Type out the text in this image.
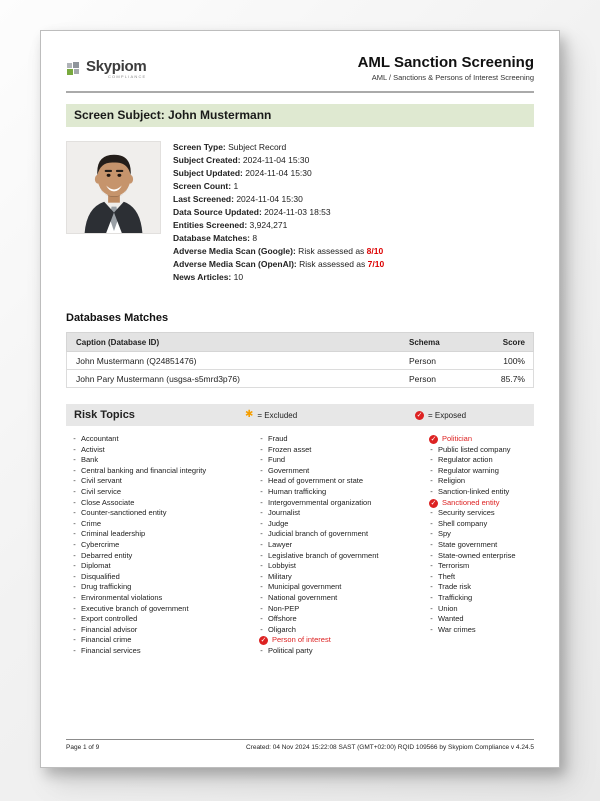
Skypiom
COMPLIANCE
AML Sanction Screening
AML / Sanctions & Persons of Interest Screening
Screen Subject: John Mustermann
Screen Type: Subject Record
Subject Created: 2024-11-04 15:30
Subject Updated: 2024-11-04 15:30
Screen Count: 1
Last Screened: 2024-11-04 15:30
Data Source Updated: 2024-11-03 18:53
Entities Screened: 3,924,271
Database Matches: 8
Adverse Media Scan (Google): Risk assessed as 8/10
Adverse Media Scan (OpenAI): Risk assessed as 7/10
News Articles: 10
Databases Matches
Caption (Database ID)	Schema	Score
John Mustermann (Q24851476)	Person	100%
John Pary Mustermann (usgsa-s5mrd3p76)	Person	85.7%
Risk Topics	✱ = Excluded	✓ = Exposed
- Accountant
- Activist
- Bank
- Central banking and financial integrity
- Civil servant
- Civil service
- Close Associate
- Counter-sanctioned entity
- Crime
- Criminal leadership
- Cybercrime
- Debarred entity
- Diplomat
- Disqualified
- Drug trafficking
- Environmental violations
- Executive branch of government
- Export controlled
- Financial advisor
- Financial crime
- Financial services
- Fraud
- Frozen asset
- Fund
- Government
- Head of government or state
- Human trafficking
- Intergovernmental organization
- Journalist
- Judge
- Judicial branch of government
- Lawyer
- Legislative branch of government
- Lobbyist
- Military
- Municipal government
- National government
- Non-PEP
- Offshore
- Oligarch
✓ Person of interest
- Political party
✓ Politician
- Public listed company
- Regulator action
- Regulator warning
- Religion
- Sanction-linked entity
✓ Sanctioned entity
- Security services
- Shell company
- Spy
- State government
- State-owned enterprise
- Terrorism
- Theft
- Trade risk
- Trafficking
- Union
- Wanted
- War crimes
Page 1 of 9	Created: 04 Nov 2024 15:22:08 SAST (GMT+02:00) RQID 109566 by Skypiom Compliance v 4.24.5
